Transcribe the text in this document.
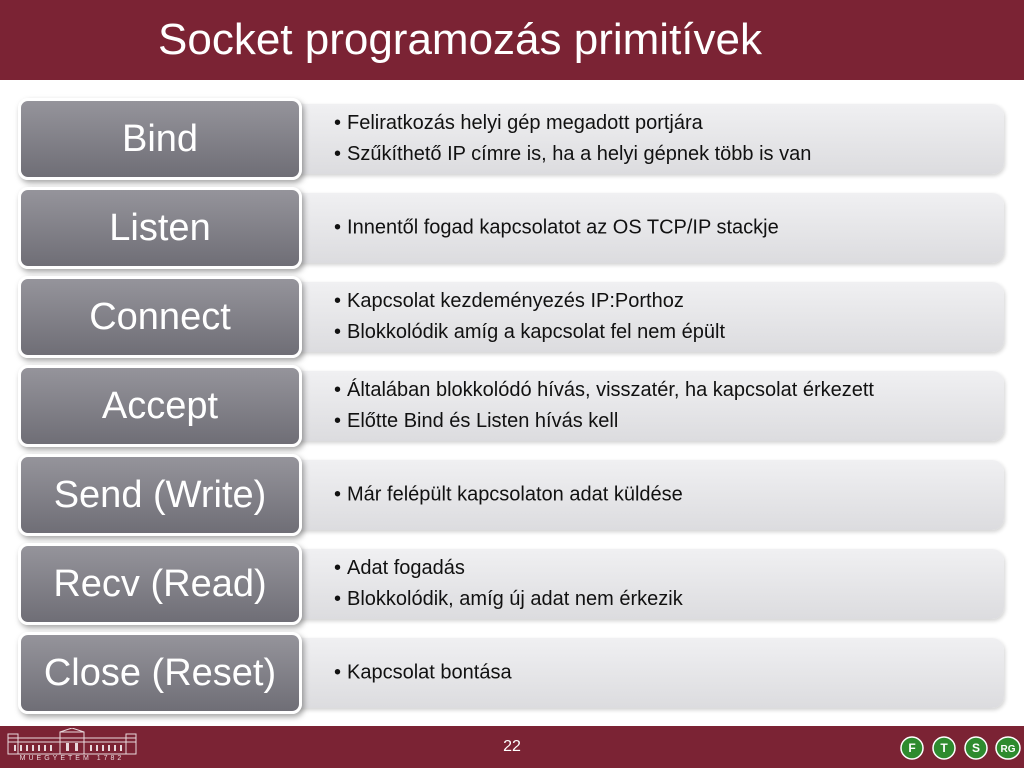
Socket programozás primitívek
• Feliratkozás helyi gép megadott portjára
• Szűkíthető IP címre is, ha a helyi gépnek több is van
Bind
• Innentől fogad kapcsolatot az OS TCP/IP stackje
Listen
• Kapcsolat kezdeményezés IP:Porthoz
• Blokkolódik amíg a kapcsolat fel nem épült
Connect
• Általában blokkolódó hívás, visszatér, ha kapcsolat érkezett
• Előtte Bind és Listen hívás kell
Accept
• Már felépült kapcsolaton adat küldése
Send (Write)
• Adat fogadás
• Blokkolódik, amíg új adat nem érkezik
Recv (Read)
• Kapcsolat bontása
Close (Reset)
MŰEGYETEM 1782
22	F T S RG
